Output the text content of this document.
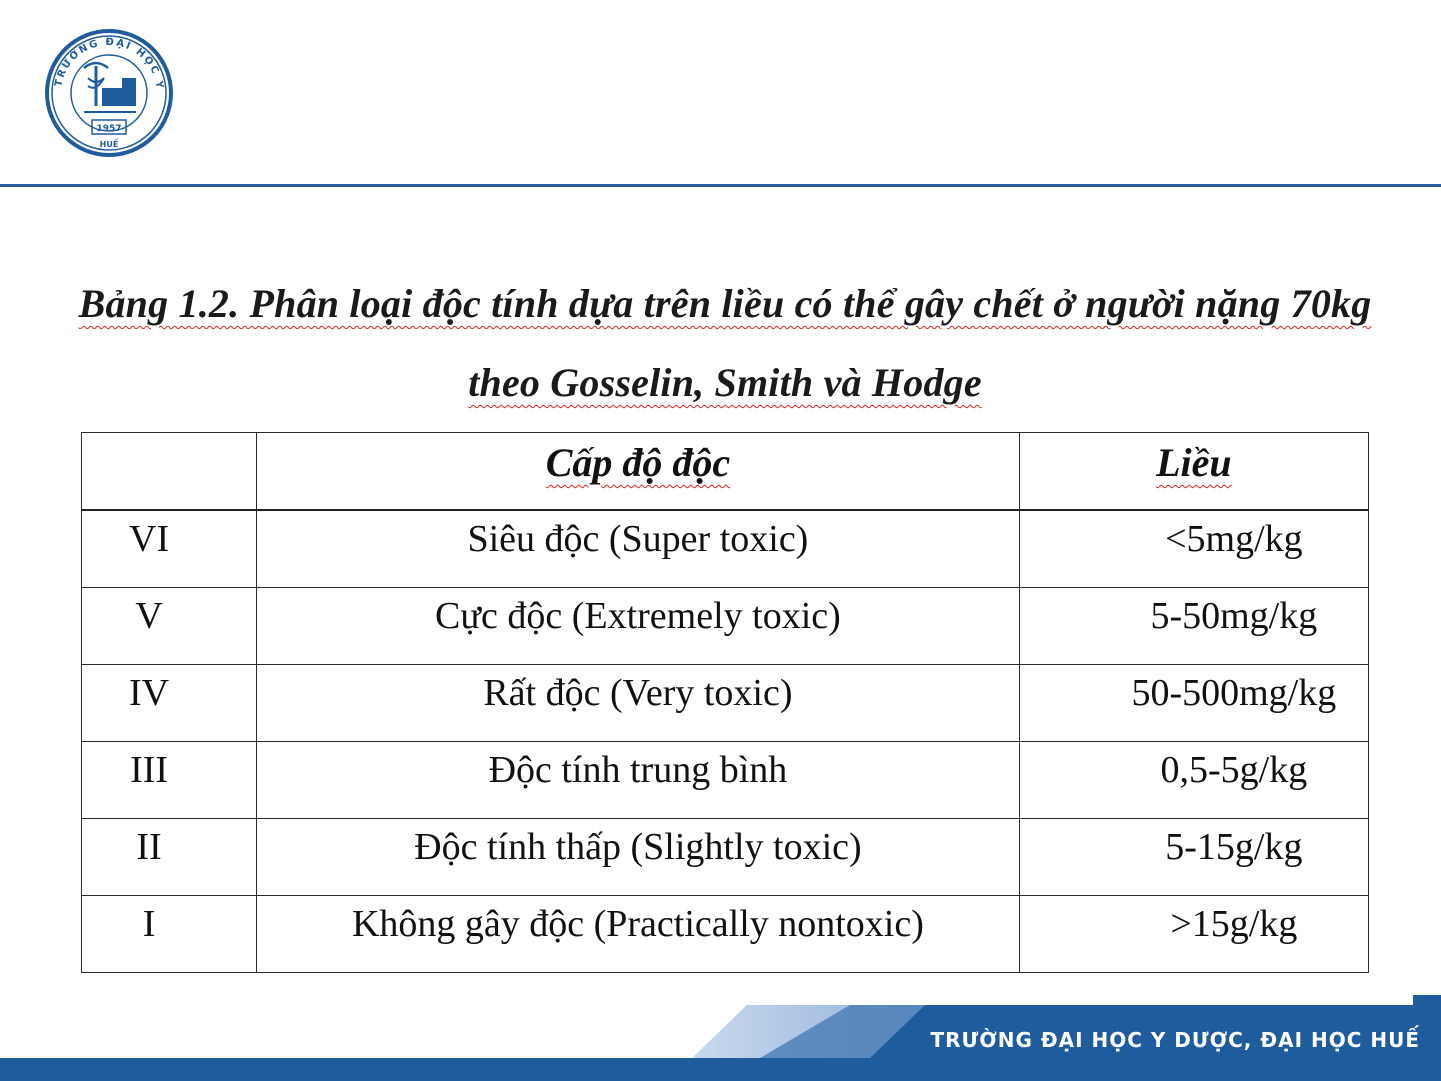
TRƯỜNG ĐẠI HỌC Y
1957
HUẾ
Bảng 1.2. Phân loại độc tính dựa trên liều có thể gây chết ở người nặng 70kg
theo Gosselin, Smith và Hodge

	Cấp độ độc	Liều

VI	Siêu độc (Super toxic)	<5mg/kg

V	Cực độc (Extremely toxic)	5-50mg/kg

IV	Rất độc (Very toxic)	50-500mg/kg

III	Độc tính trung bình	0,5-5g/kg

II	Độc tính thấp (Slightly toxic)	5-15g/kg

I	Không gây độc (Practically nontoxic)	>15g/kg
TRƯỜNG ĐẠI HỌC Y DƯỢC, ĐẠI HỌC HUẾ
